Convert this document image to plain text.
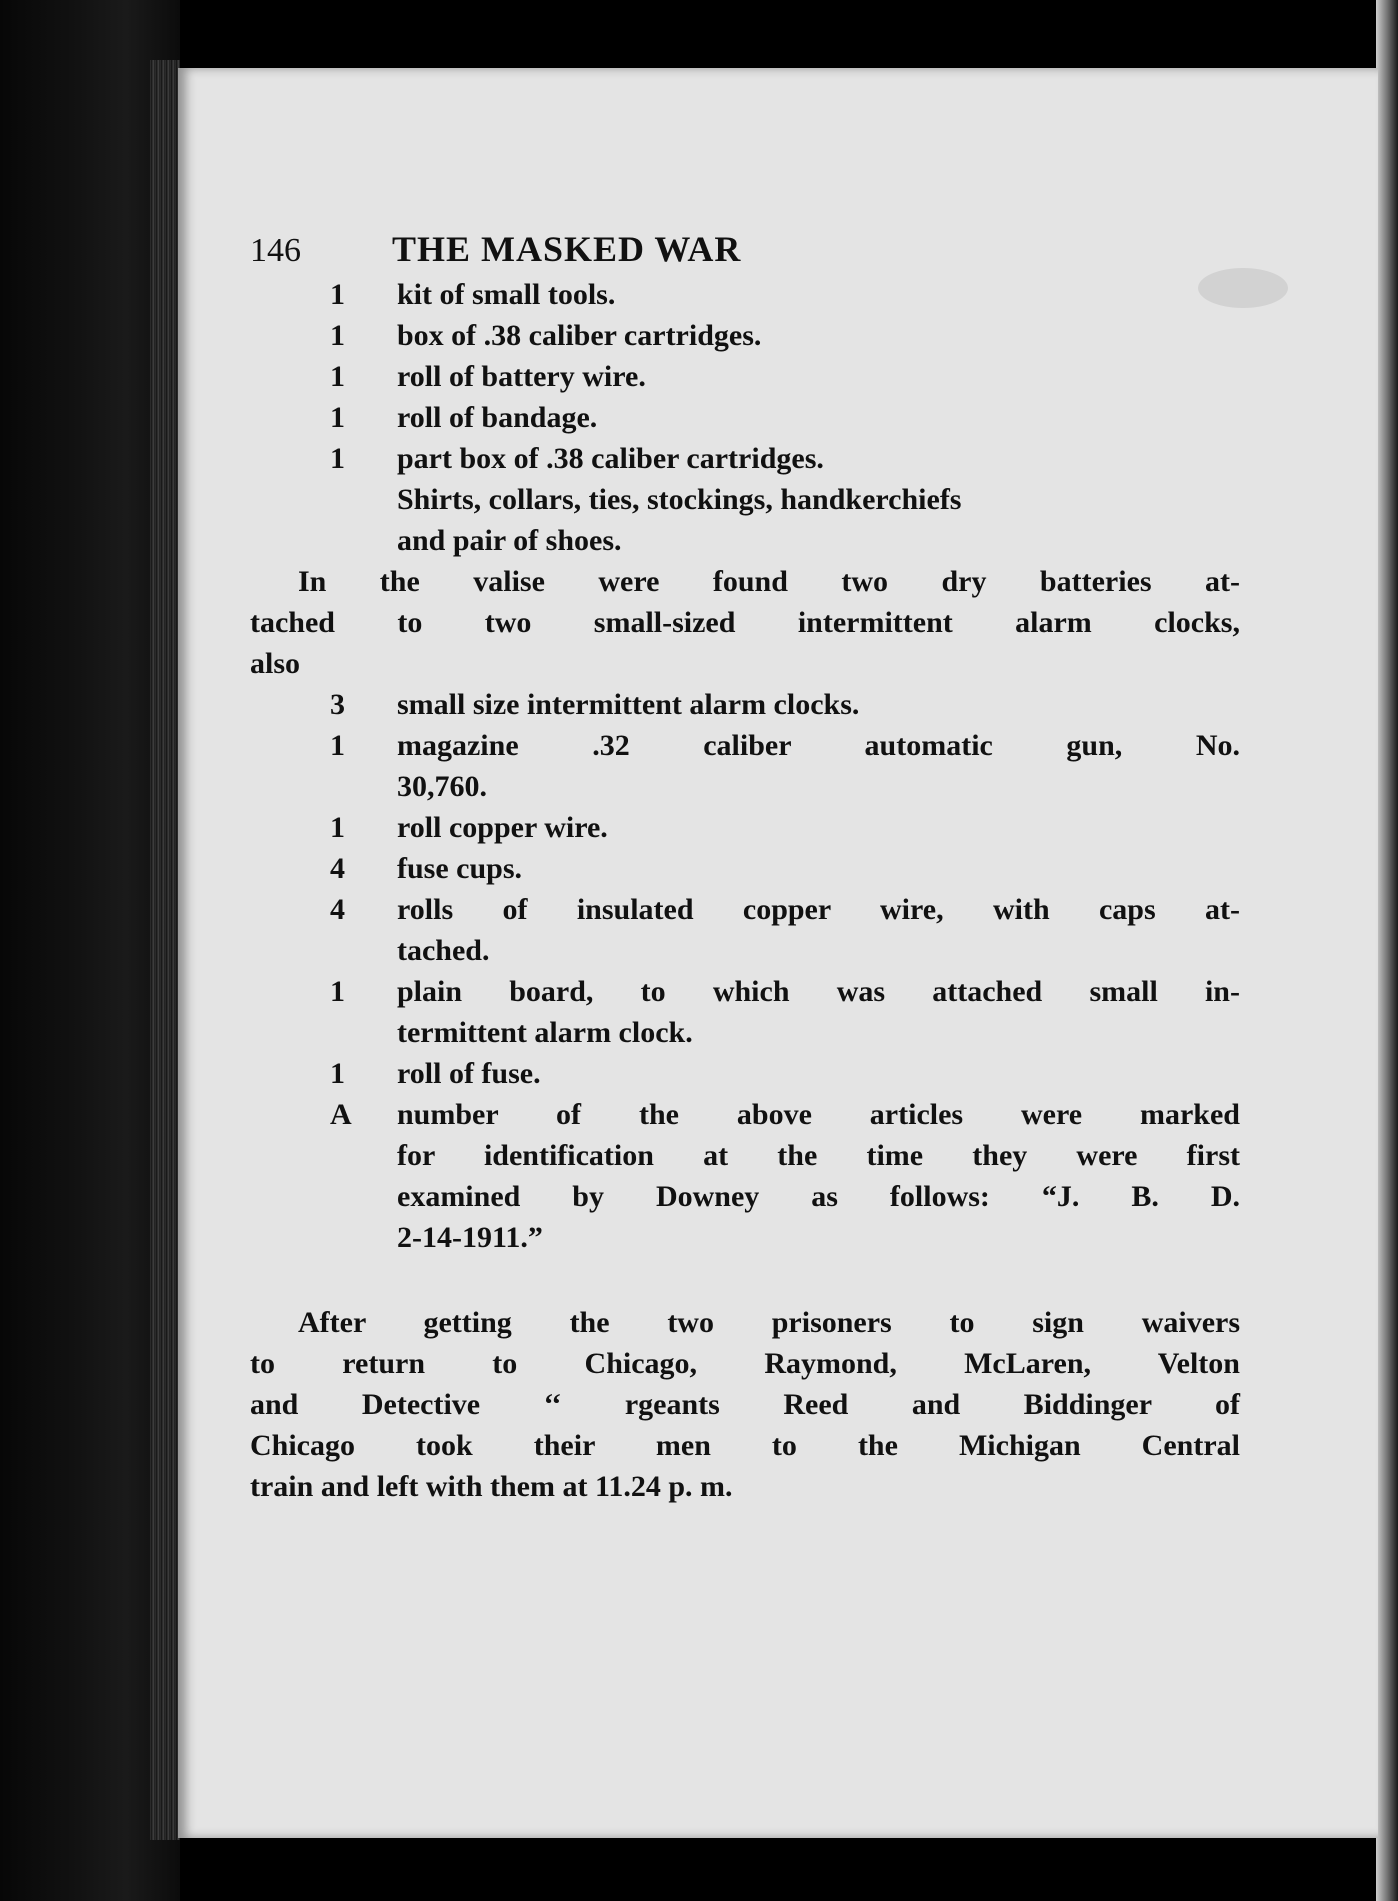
146	THE MASKED WAR
1	kit of small tools.
1	box of .38 caliber cartridges.
1	roll of battery wire.
1	roll of bandage.
1	part box of .38 caliber cartridges.
Shirts, collars, ties, stockings, handkerchiefs
and pair of shoes.
In the valise were found two dry batteries at-
tached to two small-sized intermittent alarm clocks,
also
3	small size intermittent alarm clocks.
1	magazine .32 caliber automatic gun, No.
30,760.
1	roll copper wire.
4	fuse cups.
4	rolls of insulated copper wire, with caps at-
tached.
1	plain board, to which was attached small in-
termittent alarm clock.
1	roll of fuse.
A	number of the above articles were marked
for identification at the time they were first
examined by Downey as follows: “J. B. D.
2-14-1911.”
After getting the two prisoners to sign waivers
to return to Chicago, Raymond, McLaren, Velton
and Detective ‘‘ rgeants Reed and Biddinger of
Chicago took their men to the Michigan Central
train and left with them at 11.24 p. m.
